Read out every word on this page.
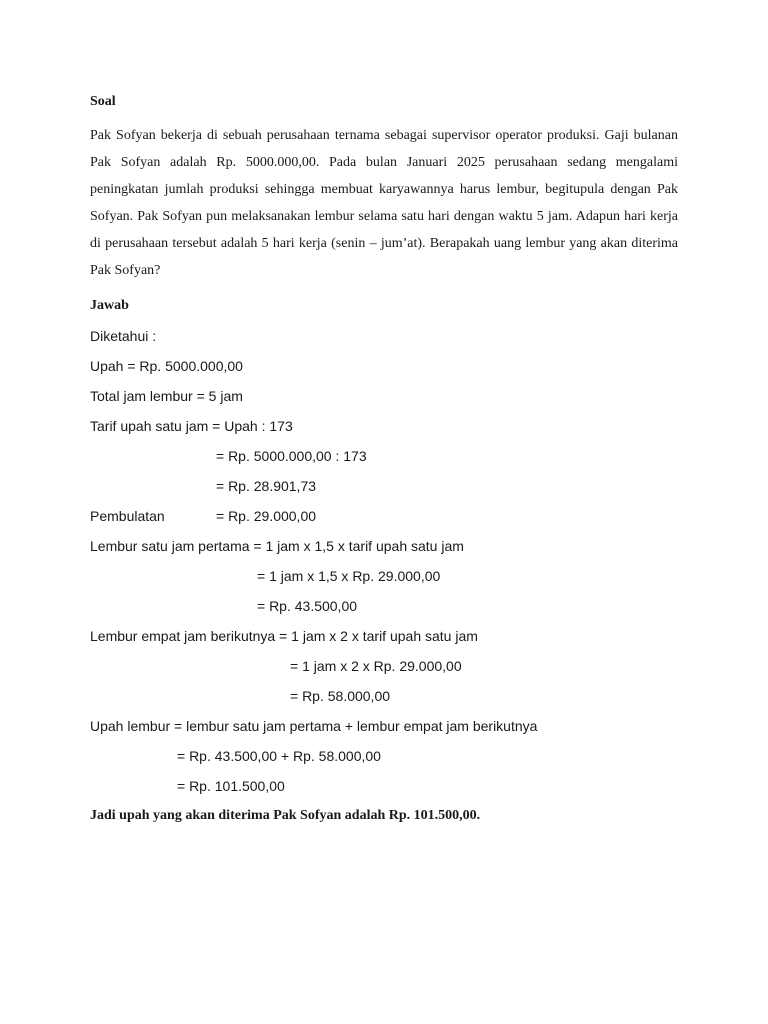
Soal
Pak Sofyan bekerja di sebuah perusahaan ternama sebagai supervisor operator produksi. Gaji bulanan Pak Sofyan adalah Rp. 5000.000,00. Pada bulan Januari 2025 perusahaan sedang mengalami peningkatan jumlah produksi sehingga membuat karyawannya harus lembur, begitupula dengan Pak Sofyan. Pak Sofyan pun melaksanakan lembur selama satu hari dengan waktu 5 jam. Adapun hari kerja di perusahaan tersebut adalah 5 hari kerja (senin – jum’at). Berapakah uang lembur yang akan diterima Pak Sofyan?
Jawab
Diketahui :
Upah = Rp. 5000.000,00
Total jam lembur = 5 jam
Tarif upah satu jam = Upah : 173
= Rp. 5000.000,00 : 173
= Rp. 28.901,73
Pembulatan	= Rp. 29.000,00
Lembur satu jam pertama = 1 jam x 1,5 x tarif upah satu jam
= 1 jam x 1,5 x Rp. 29.000,00
= Rp. 43.500,00
Lembur empat jam berikutnya = 1 jam x 2 x tarif upah satu jam
= 1 jam x 2 x Rp. 29.000,00
= Rp. 58.000,00
Upah lembur = lembur satu jam pertama + lembur empat jam berikutnya
= Rp. 43.500,00 + Rp. 58.000,00
= Rp. 101.500,00
Jadi upah yang akan diterima Pak Sofyan adalah Rp. 101.500,00.
